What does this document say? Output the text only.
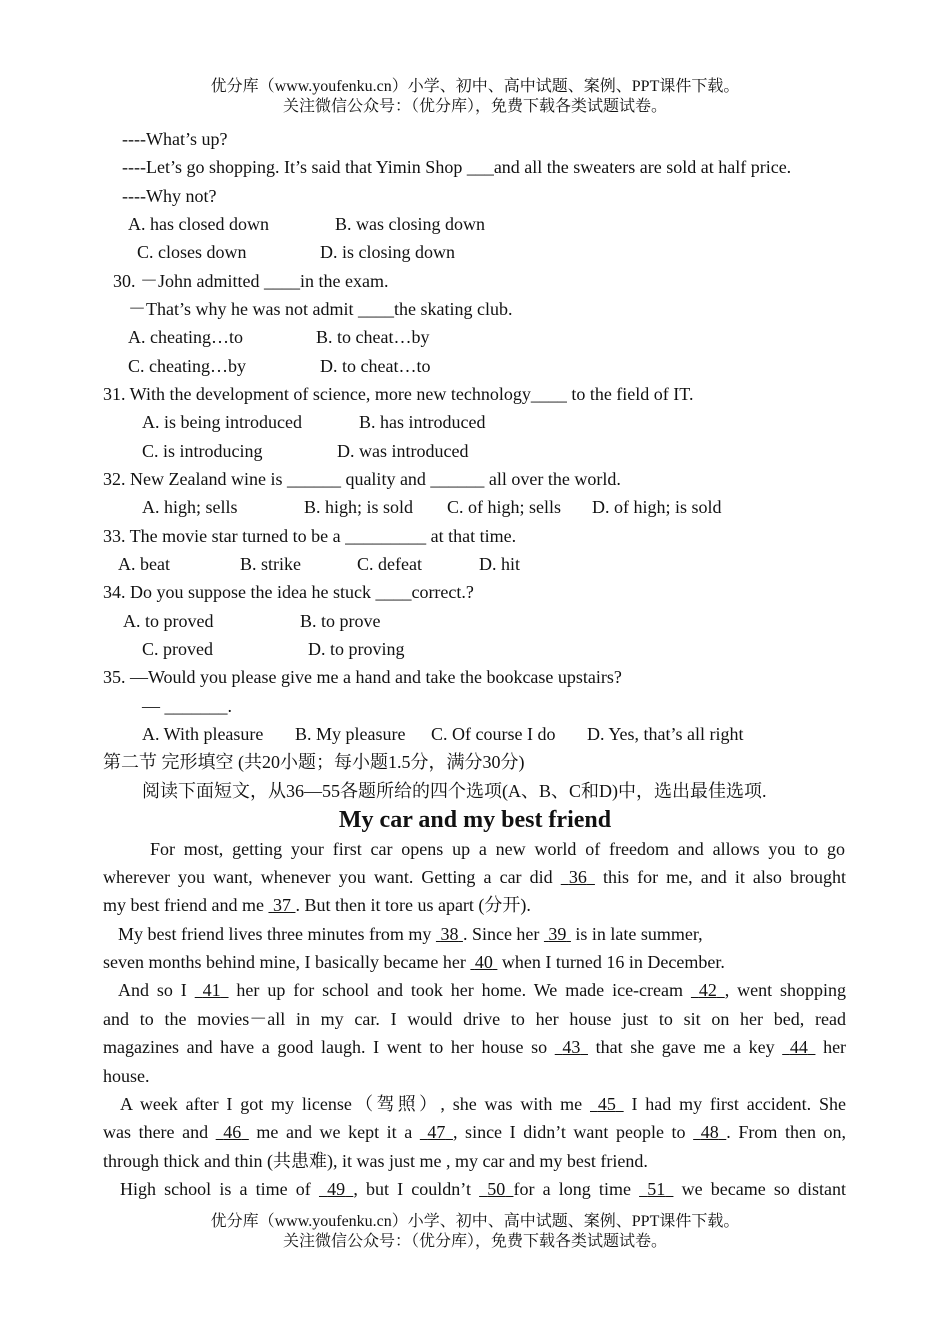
优分库（www.youfenku.cn）小学、初中、高中试题、案例、PPT课件下载。
关注微信公众号：（优分库），免费下载各类试题试卷。
----What’s up?
----Let’s go shopping. It’s said that Yimin Shop ___and all the sweaters are sold at half price.
----Why not?
A. has closed down	B. was closing down
C. closes down	D. is closing down
30. －John admitted ____in the exam.
－That’s why he was not admit ____the skating club.
A. cheating…to	B. to cheat…by
C. cheating…by	D. to cheat…to
31. With the development of science, more new technology____ to the field of IT.
A. is being introduced	B. has introduced
C. is introducing	D. was introduced
32. New Zealand wine is ______ quality and ______ all over the world.
A. high; sells	B. high; is sold C. of high; sells D. of high; is sold
33. The movie star turned to be a _________ at that time.
A. beat	B. strike	C. defeat	D. hit
34. Do you suppose the idea he stuck ____correct.?
A. to proved	B. to prove
C. proved	D. to proving
35. —Would you please give me a hand and take the bookcase upstairs?
— _______.
A. With pleasure B. My pleasure C. Of course I do D. Yes, that’s all right
第二节 完形填空 (共20小题；每小题1.5分，满分30分)
阅读下面短文，从36—55各题所给的四个选项(A、B、C和D)中，选出最佳选项.
My car and my best friend
For most, getting your first car opens up a new world of freedom and allows you to go
wherever you want, whenever you want. Getting a car did  36  this for me, and it also brought
my best friend and me  37 . But then it tore us apart (分开).
My best friend lives three minutes from my  38 . Since her  39  is in late summer,
seven months behind mine, I basically became her  40  when I turned 16 in December.
And so I  41  her up for school and took her home. We made ice-cream  42 , went shopping
and to the movies－all in my car. I would drive to her house just to sit on her bed, read
magazines and have a good laugh. I went to her house so  43  that she gave me a key  44  her
house.
A week after I got my license（驾照）, she was with me  45  I had my first accident. She
was there and  46  me and we kept it a  47 , since I didn’t want people to  48 . From then on,
through thick and thin (共患难), it was just me , my car and my best friend.
High school is a time of  49 , but I couldn’t  50 for a long time  51  we became so distant
优分库（www.youfenku.cn）小学、初中、高中试题、案例、PPT课件下载。
关注微信公众号：（优分库），免费下载各类试题试卷。
